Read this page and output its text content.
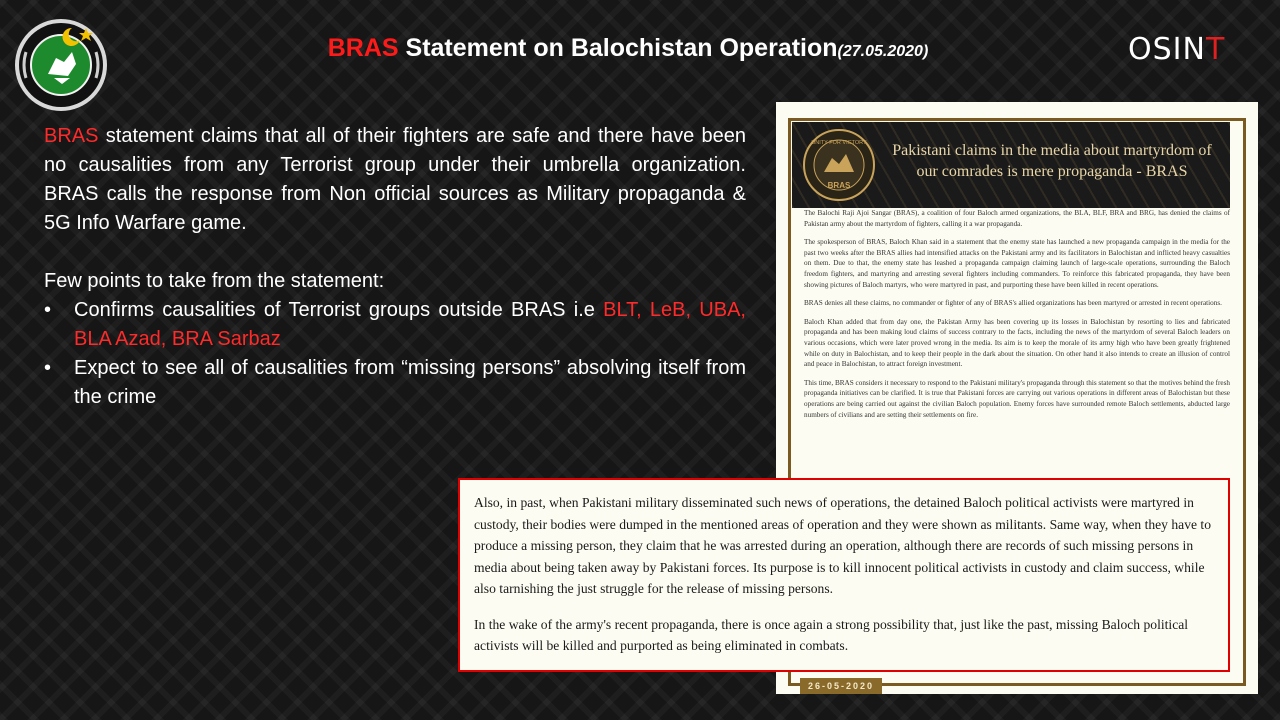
BRAS Statement on Balochistan Operation(27.05.2020)	OSINT

BRAS statement claims that all of their fighters are safe and there have been no causalities from any Terrorist group under their umbrella organization. BRAS calls the response from Non official sources as Military propaganda & 5G Info Warfare game.

Few points to take from the statement:

• Confirms causalities of Terrorist groups outside BRAS i.e BLT, LeB, UBA, BLA Azad, BRA Sarbaz
• Expect to see all of causalities from “missing persons” absolving itself from the crime
UNITY FOR VICTORY
BRAS
Pakistani claims in the media about martyrdom of our comrades is mere propaganda - BRAS

The Balochi Raji Ajoi Sangar (BRAS), a coalition of four Baloch armed organizations, the BLA, BLF, BRA and BRG, has denied the claims of Pakistan army about the martyrdom of fighters, calling it a war propaganda.

The spokesperson of BRAS, Baloch Khan said in a statement that the enemy state has launched a new propaganda campaign in the media for the past two weeks after the BRAS allies had intensified attacks on the Pakistani army and its facilitators in Balochistan and inflicted heavy casualties on them. Due to that, the enemy state has leashed a propaganda campaign claiming launch of large-scale operations, surrounding the Baloch freedom fighters, and martyring and arresting several fighters including commanders. To reinforce this fabricated propaganda, they have been showing pictures of Baloch martyrs, who were martyred in past, and purporting these have been killed in recent operations.

BRAS denies all these claims, no commander or fighter of any of BRAS's allied organizations has been martyred or arrested in recent operations.

Baloch Khan added that from day one, the Pakistan Army has been covering up its losses in Balochistan by resorting to lies and fabricated propaganda and has been making loud claims of success contrary to the facts, including the news of the martyrdom of several Baloch leaders on various occasions, which were later proved wrong in the media. Its aim is to keep the morale of its army high who have been greatly frightened while on duty in Balochistan, and to keep their people in the dark about the situation. On other hand it also intends to create an illusion of control and peace in Balochistan, to attract foreign investment.

This time, BRAS considers it necessary to respond to the Pakistani military's propaganda through this statement so that the motives behind the fresh propaganda initiatives can be clarified. It is true that Pakistani forces are carrying out various operations in different areas of Balochistan but these operations are being carried out against the civilian Baloch population. Enemy forces have surrounded remote Baloch settlements, abducted large numbers of civilians and are setting their settlements on fire.

26-05-2020

Also, in past, when Pakistani military disseminated such news of operations, the detained Baloch political activists were martyred in custody, their bodies were dumped in the mentioned areas of operation and they were shown as militants. Same way, when they have to produce a missing person, they claim that he was arrested during an operation, although there are records of such missing persons in media about being taken away by Pakistani forces. Its purpose is to kill innocent political activists in custody and claim success, while also tarnishing the just struggle for the release of missing persons.

In the wake of the army's recent propaganda, there is once again a strong possibility that, just like the past, missing Baloch political activists will be killed and purported as being eliminated in combats.
